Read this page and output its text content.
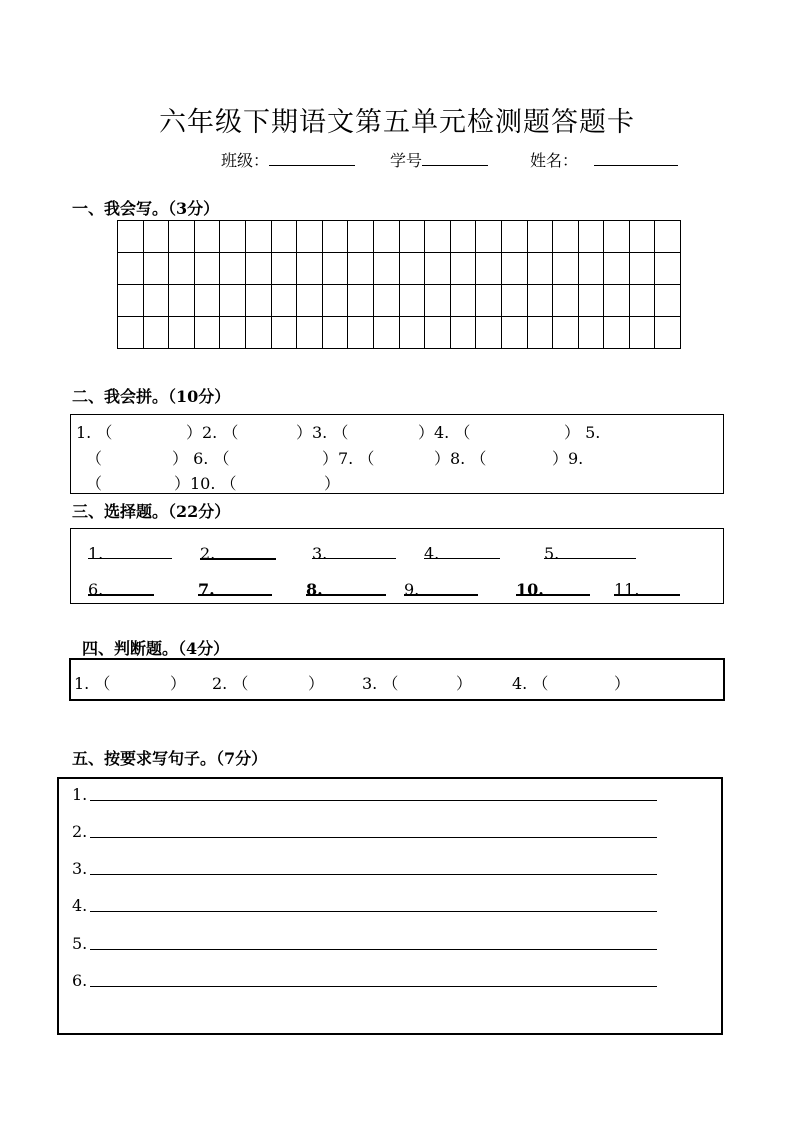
六年级下期语文第五单元检测题答题卡
班级：	学号	姓名：
一、我会写。（3分）

二、我会拼。（10分）
1. （	）2. （	）3. （	）4. （	） 5.
（	） 6. （	）7. （	）8. （	）9.
（	）10. （	）
三、选择题。（22分）
1.	2.	3.	4.	5.
6.	7.	8.	9.	10.	11.
四、判断题。（4分）
1. （	） 2. （	） 3. （	） 4. （	）
五、按要求写句子。（7分）
1.
2.
3.
4.
5.
6.
